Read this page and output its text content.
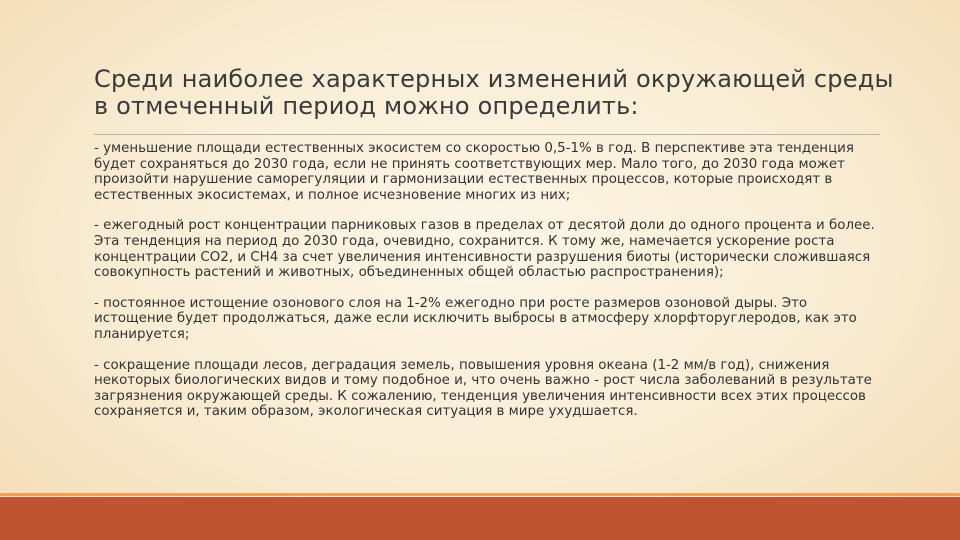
Среди наиболее характерных изменений окружающей среды в отмеченный период можно определить:

- уменьшение площади естественных экосистем со скоростью 0,5-1% в год. В перспективе эта тенденция будет сохраняться до 2030 года, если не принять соответствующих мер. Мало того, до 2030 года может произойти нарушение саморегуляции и гармонизации естественных процессов, которые происходят в естественных экосистемах, и полное исчезновение многих из них;

- ежегодный рост концентрации парниковых газов в пределах от десятой доли до одного процента и более. Эта тенденция на период до 2030 года, очевидно, сохранится. К тому же, намечается ускорение роста концентрации СО2, и СН4 за счет увеличения интенсивности разрушения биоты (исторически сложившаяся совокупность растений и животных, объединенных общей областью распространения);

- постоянное истощение озонового слоя на 1-2% ежегодно при росте размеров озоновой дыры. Это истощение будет продолжаться, даже если исключить выбросы в атмосферу хлорфторуглеродов, как это планируется;

- сокращение площади лесов, деградация земель, повышения уровня океана (1-2 мм/в год), снижения некоторых биологических видов и тому подобное и, что очень важно - рост числа заболеваний в результате загрязнения окружающей среды. К сожалению, тенденция увеличения интенсивности всех этих процессов сохраняется и, таким образом, экологическая ситуация в мире ухудшается.
